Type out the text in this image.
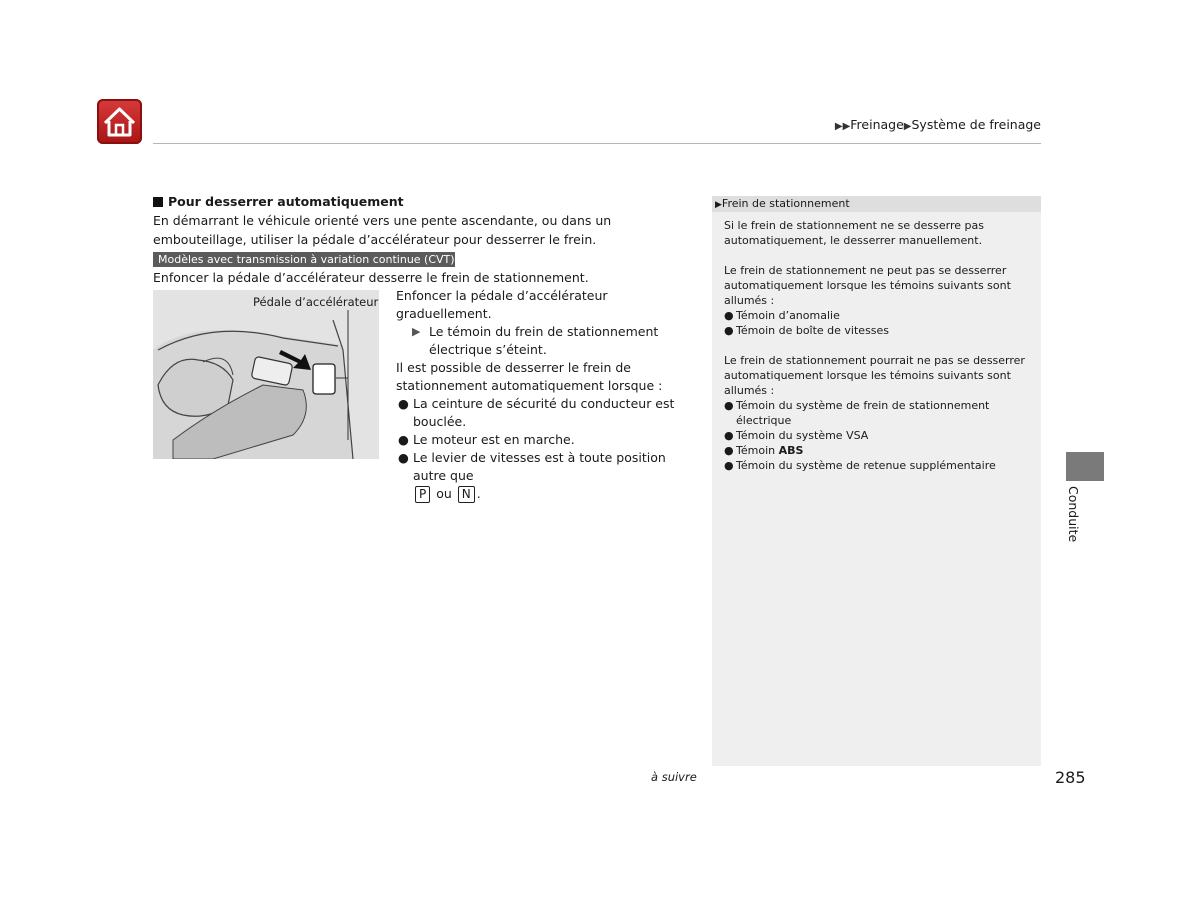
▶▶Freinage▶Système de freinage
Pour desserrer automatiquement
En démarrant le véhicule orienté vers une pente ascendante, ou dans un embouteillage, utiliser la pédale d’accélérateur pour desserrer le frein.
Modèles avec transmission à variation continue (CVT)
Enfoncer la pédale d’accélérateur desserre le frein de stationnement.
Pédale d’accélérateur Enfoncer la pédale d’accélérateur graduellement.

▶ Le témoin du frein de stationnement électrique s’éteint.

Il est possible de desserrer le frein de stationnement automatiquement lorsque :

● La ceinture de sécurité du conducteur est bouclée.
● Le moteur est en marche.
● Le levier de vitesses est à toute position autre que
P ou N .
▶Frein de stationnement

Si le frein de stationnement ne se desserre pas automatiquement, le desserrer manuellement.

Le frein de stationnement ne peut pas se desserrer automatiquement lorsque les témoins suivants sont allumés :

● Témoin d’anomalie
● Témoin de boîte de vitesses

Le frein de stationnement pourrait ne pas se desserrer automatiquement lorsque les témoins suivants sont allumés :

● Témoin du système de frein de stationnement électrique
● Témoin du système VSA
● Témoin ABS
● Témoin du système de retenue supplémentaire
Conduite
à suivre	285
